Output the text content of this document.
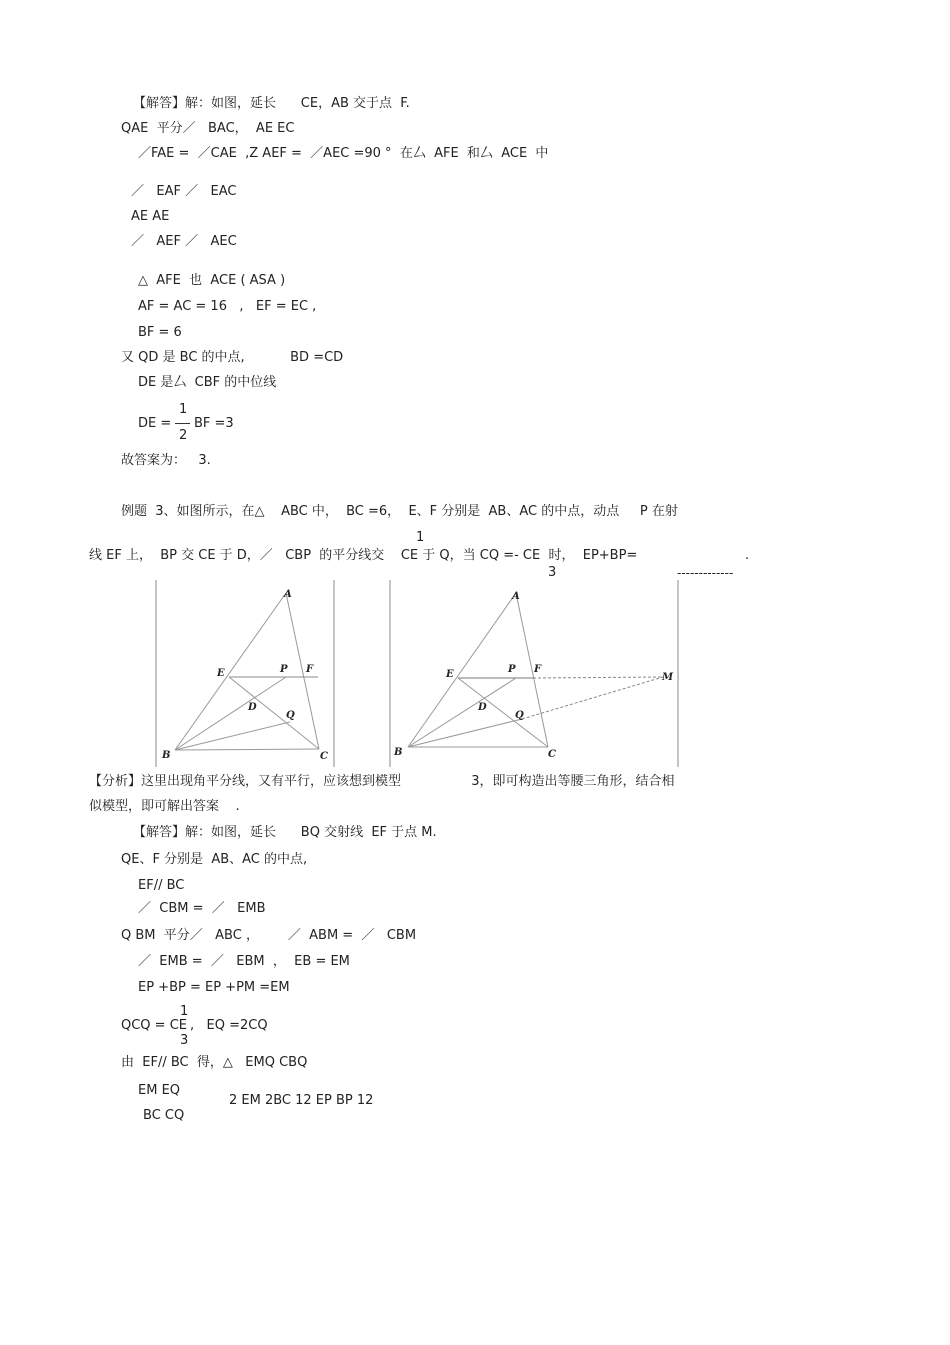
【解答】解：如图，延长      CE，AB 交于点  F.
QAE  平分／   BAC，  AE EC
／FAE =  ／CAE  ,Z AEF =  ／AEC =90 °  在厶  AFE  和厶  ACE  中
／   EAF ／   EAC
AE AE
／   AEF ／   AEC
△  AFE  也  ACE ( ASA )
AF = AC = 16   ,   EF = EC ,
BF = 6
又 QD 是 BC 的中点,           BD =CD
DE 是厶  CBF 的中位线
DE =
1
2
BF =3
故答案为：   3.
例题  3、如图所示，在△    ABC 中，  BC =6，  E、F 分别是  AB、AC 的中点，动点     P 在射
1
线 EF 上，  BP 交 CE 于 D，／   CBP  的平分线交    CE 于 Q，当 CQ =- CE  时，  EP+BP=
3
.
-------------
A
E	P F
D
Q
B	C
A
E	P F
M
D
Q
B	C
【分析】这里出现角平分线，又有平行，应该想到模型                 3，即可构造出等腰三角形，结合相
似模型，即可解出答案    .
【解答】解：如图，延长      BQ 交射线  EF 于点 M.
QE、F 分别是  AB、AC 的中点,
EF// BC
／  CBM =  ／   EMB
Q BM  平分／   ABC ，       ／  ABM =  ／   CBM
／  EMB =  ／   EBM  ，  EB = EM
EP +BP = EP +PM =EM
QCQ = CE
1
3
,   EQ =2CQ
由  EF// BC  得，△   EMQ CBQ
EM EQ
2 EM 2BC 12 EP BP 12
BC CQ
